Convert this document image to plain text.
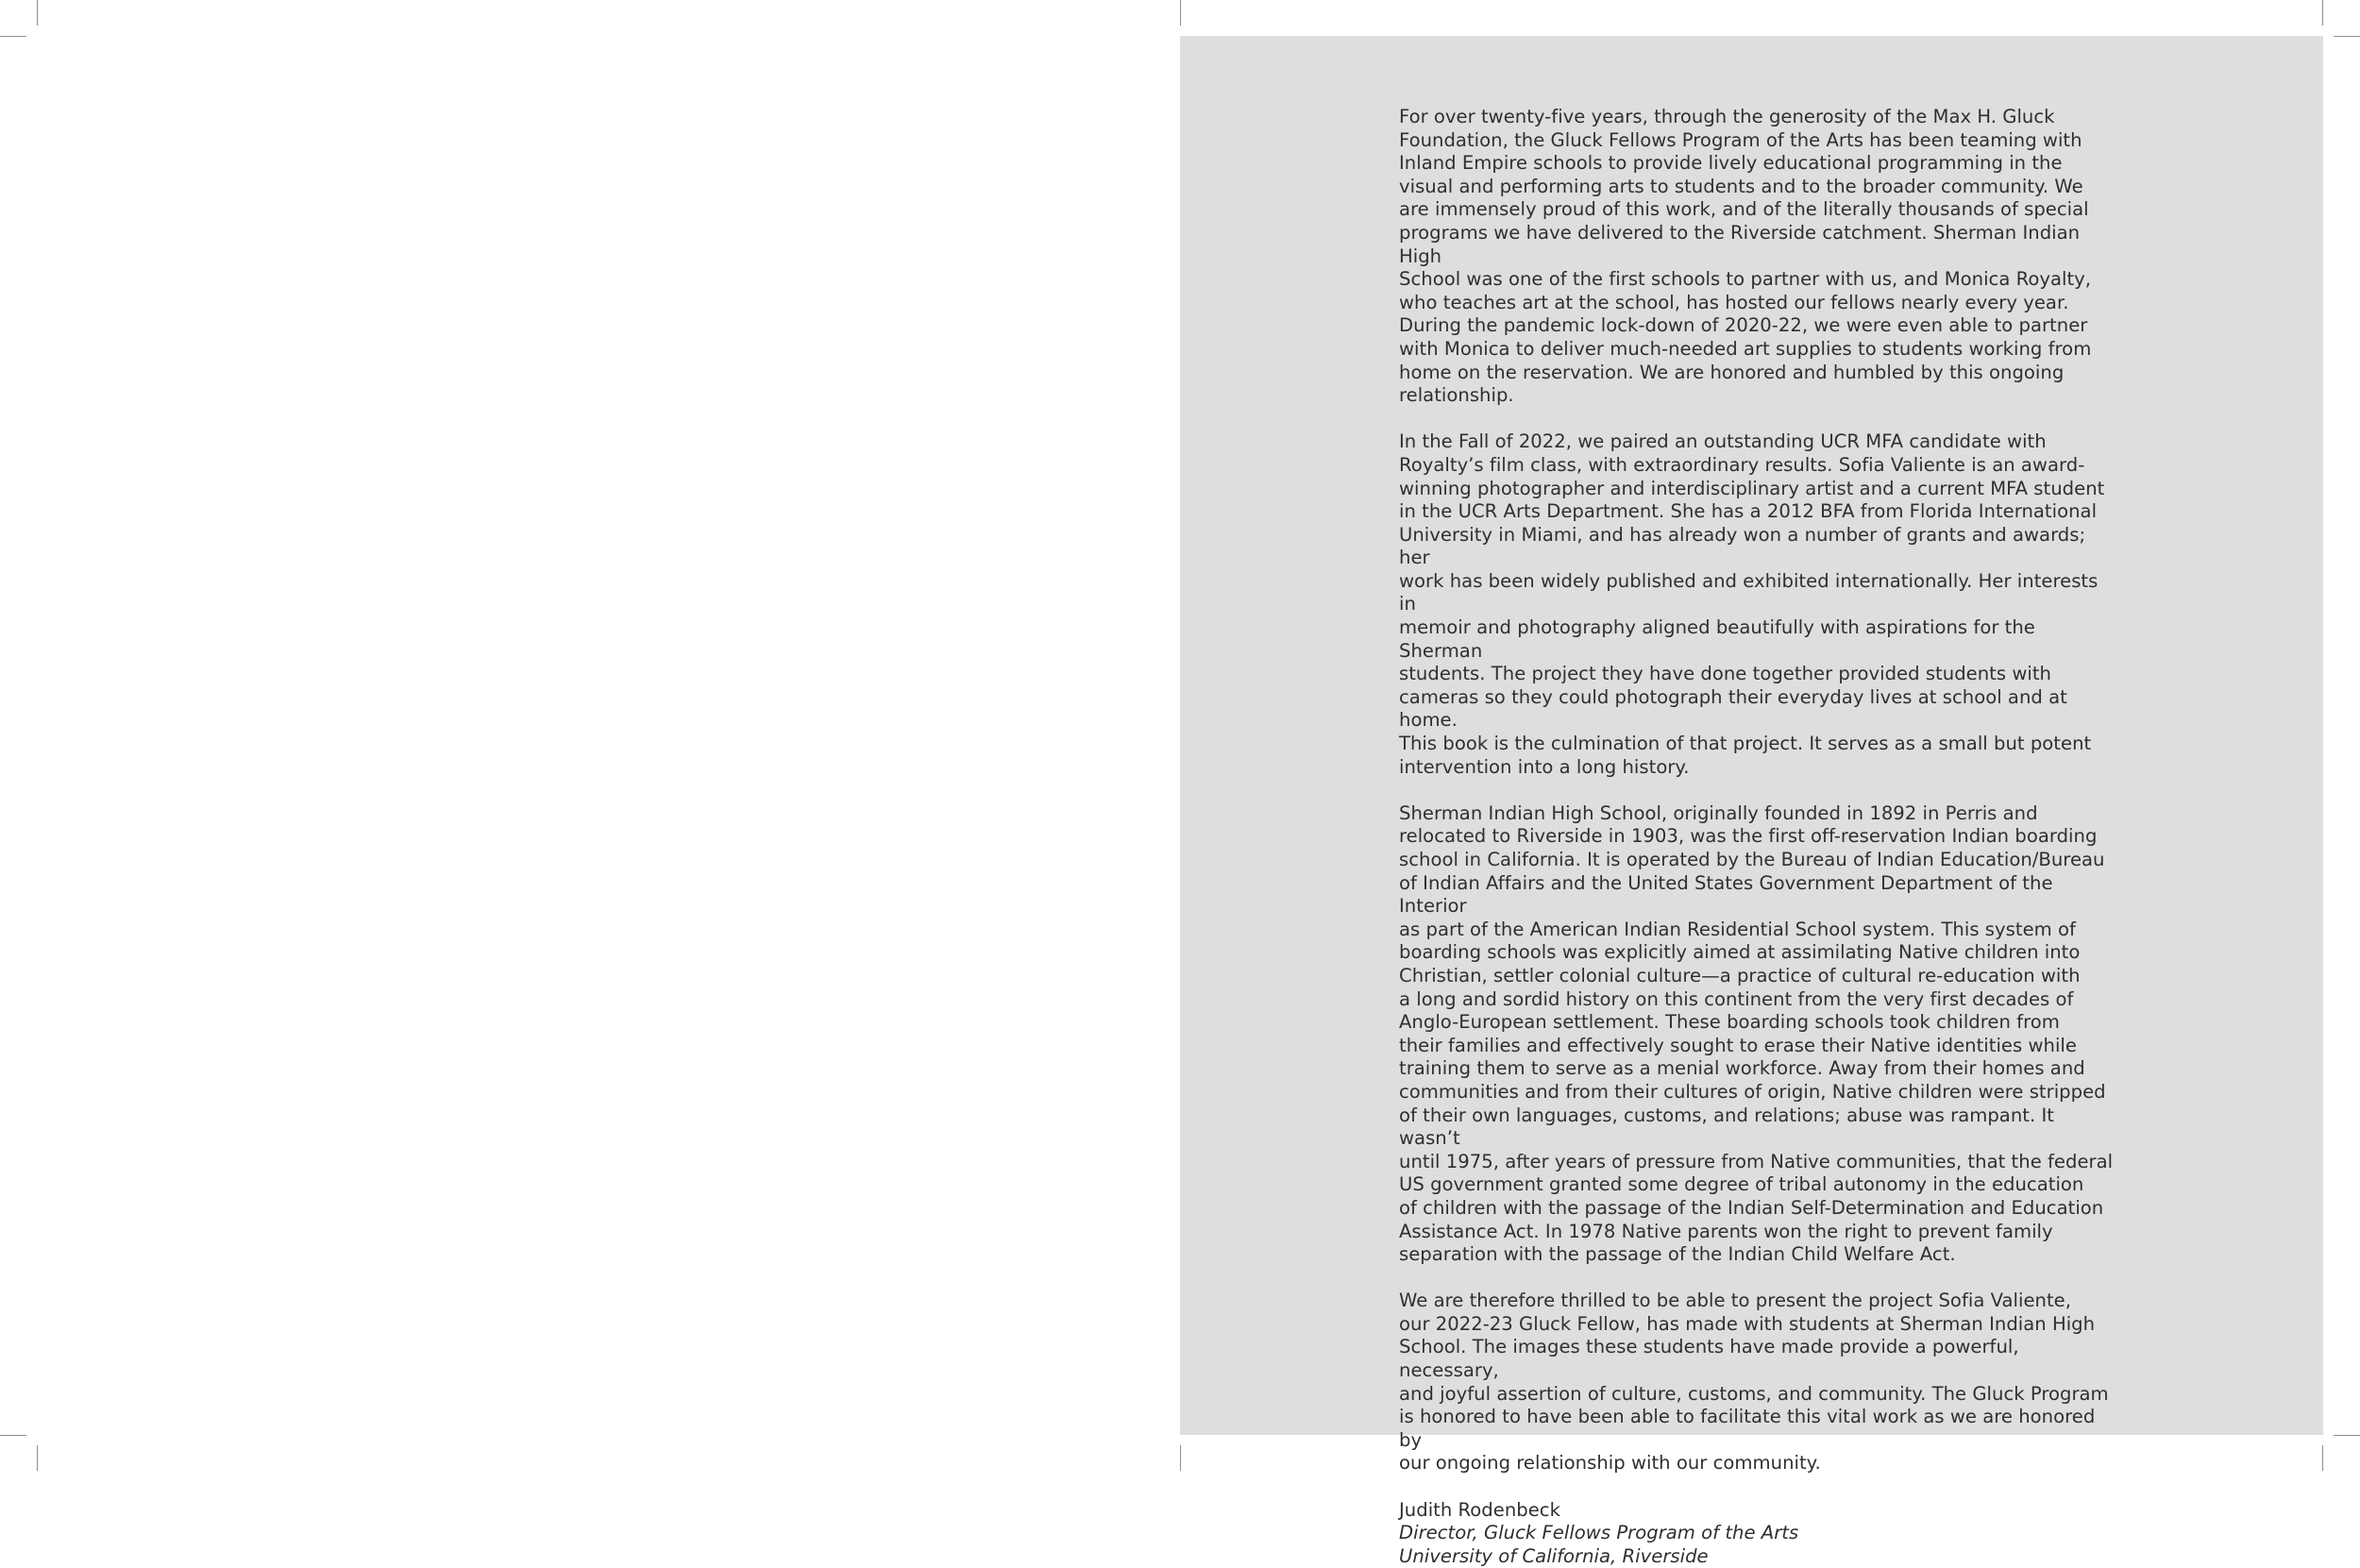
For over twenty-five years, through the generosity of the Max H. Gluck
Foundation, the Gluck Fellows Program of the Arts has been teaming with
Inland Empire schools to provide lively educational programming in the
visual and performing arts to students and to the broader community. We
are immensely proud of this work, and of the literally thousands of special
programs we have delivered to the Riverside catchment. Sherman Indian High
School was one of the first schools to partner with us, and Monica Royalty,
who teaches art at the school, has hosted our fellows nearly every year.
During the pandemic lock-down of 2020-22, we were even able to partner
with Monica to deliver much-needed art supplies to students working from
home on the reservation. We are honored and humbled by this ongoing
relationship.

In the Fall of 2022, we paired an outstanding UCR MFA candidate with
Royalty’s film class, with extraordinary results. Sofia Valiente is an award-
winning photographer and interdisciplinary artist and a current MFA student
in the UCR Arts Department. She has a 2012 BFA from Florida International
University in Miami, and has already won a number of grants and awards; her
work has been widely published and exhibited internationally. Her interests in
memoir and photography aligned beautifully with aspirations for the Sherman
students. The project they have done together provided students with
cameras so they could photograph their everyday lives at school and at home.
This book is the culmination of that project. It serves as a small but potent
intervention into a long history.

Sherman Indian High School, originally founded in 1892 in Perris and
relocated to Riverside in 1903, was the first off-reservation Indian boarding
school in California. It is operated by the Bureau of Indian Education/Bureau
of Indian Affairs and the United States Government Department of the Interior
as part of the American Indian Residential School system. This system of
boarding schools was explicitly aimed at assimilating Native children into
Christian, settler colonial culture—a practice of cultural re-education with
a long and sordid history on this continent from the very first decades of
Anglo-European settlement. These boarding schools took children from
their families and effectively sought to erase their Native identities while
training them to serve as a menial workforce. Away from their homes and
communities and from their cultures of origin, Native children were stripped
of their own languages, customs, and relations; abuse was rampant. It wasn’t
until 1975, after years of pressure from Native communities, that the federal
US government granted some degree of tribal autonomy in the education
of children with the passage of the Indian Self-Determination and Education
Assistance Act. In 1978 Native parents won the right to prevent family
separation with the passage of the Indian Child Welfare Act.

We are therefore thrilled to be able to present the project Sofia Valiente,
our 2022-23 Gluck Fellow, has made with students at Sherman Indian High
School. The images these students have made provide a powerful, necessary,
and joyful assertion of culture, customs, and community. The Gluck Program
is honored to have been able to facilitate this vital work as we are honored by
our ongoing relationship with our community.

Judith Rodenbeck
Director, Gluck Fellows Program of the Arts
University of California, Riverside
